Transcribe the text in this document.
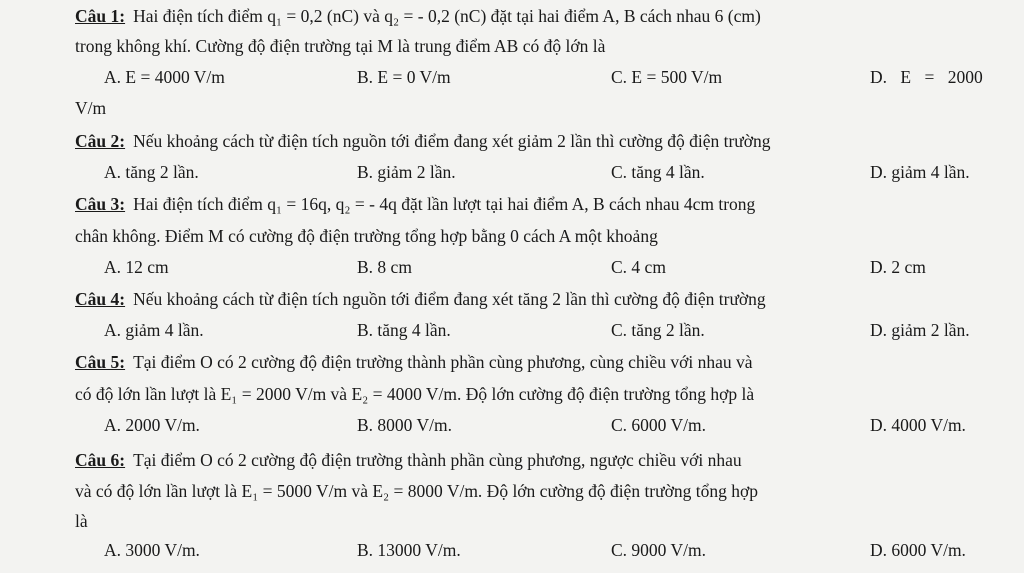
Câu 1: Hai điện tích điểm q₁ = 0,2 (nC) và q₂ = - 0,2 (nC) đặt tại hai điểm A, B cách nhau 6 (cm)
trong không khí. Cường độ điện trường tại M là trung điểm AB có độ lớn là
A. E = 4000 V/m	B. E = 0 V/m	C. E = 500 V/m	D. E = 2000
V/m
Câu 2: Nếu khoảng cách từ điện tích nguồn tới điểm đang xét giảm 2 lần thì cường độ điện trường
A. tăng 2 lần.	B. giảm 2 lần.	C. tăng 4 lần.	D. giảm 4 lần.
Câu 3: Hai điện tích điểm q₁ = 16q, q₂ = - 4q đặt lần lượt tại hai điểm A, B cách nhau 4cm trong
chân không. Điểm M có cường độ điện trường tổng hợp bằng 0 cách A một khoảng
A. 12 cm	B. 8 cm	C. 4 cm	D. 2 cm
Câu 4: Nếu khoảng cách từ điện tích nguồn tới điểm đang xét tăng 2 lần thì cường độ điện trường
A. giảm 4 lần.	B. tăng 4 lần.	C. tăng 2 lần.	D. giảm 2 lần.
Câu 5: Tại điểm O có 2 cường độ điện trường thành phần cùng phương, cùng chiều với nhau và
có độ lớn lần lượt là E₁ = 2000 V/m và E₂ = 4000 V/m. Độ lớn cường độ điện trường tổng hợp là
A. 2000 V/m.	B. 8000 V/m.	C. 6000 V/m.	D. 4000 V/m.
Câu 6: Tại điểm O có 2 cường độ điện trường thành phần cùng phương, ngược chiều với nhau
và có độ lớn lần lượt là E₁ = 5000 V/m và E₂ = 8000 V/m. Độ lớn cường độ điện trường tổng hợp
là
A. 3000 V/m.	B. 13000 V/m.	C. 9000 V/m.	D. 6000 V/m.
